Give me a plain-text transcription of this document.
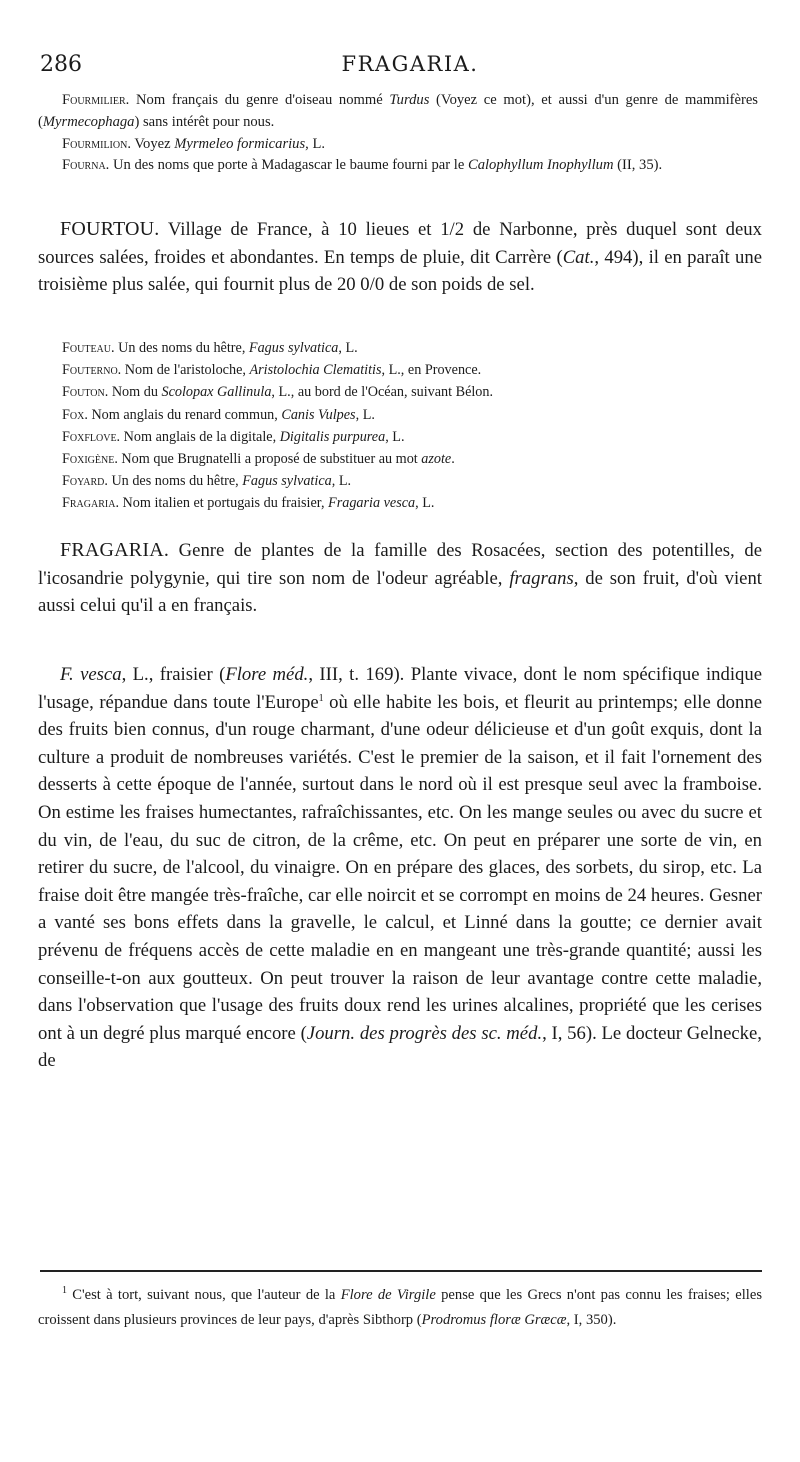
286	FRAGARIA.

Fourmilier. Nom français du genre d'oiseau nommé Turdus (Voyez ce mot), et aussi d'un genre de mammifères (Myrmecophaga) sans intérêt pour nous.

Fourmilion. Voyez Myrmeleo formicarius, L.

Fourna. Un des noms que porte à Madagascar le baume fourni par le Calophyllum Inophyllum (II, 35).

FOURTOU. Village de France, à 10 lieues et 1/2 de Narbonne, près duquel sont deux sources salées, froides et abondantes. En temps de pluie, dit Carrère (Cat., 494), il en paraît une troisième plus salée, qui fournit plus de 20 0/0 de son poids de sel.

Fouteau. Un des noms du hêtre, Fagus sylvatica, L.

Fouterno. Nom de l'aristoloche, Aristolochia Clematitis, L., en Provence.

Fouton. Nom du Scolopax Gallinula, L., au bord de l'Océan, suivant Bélon.

Fox. Nom anglais du renard commun, Canis Vulpes, L.

Foxflove. Nom anglais de la digitale, Digitalis purpurea, L.

Foxigène. Nom que Brugnatelli a proposé de substituer au mot azote.

Foyard. Un des noms du hêtre, Fagus sylvatica, L.

Fragaria. Nom italien et portugais du fraisier, Fragaria vesca, L.

FRAGARIA. Genre de plantes de la famille des Rosacées, section des potentilles, de l'icosandrie polygynie, qui tire son nom de l'odeur agréable, fragrans, de son fruit, d'où vient aussi celui qu'il a en français.

F. vesca, L., fraisier (Flore méd., III, t. 169). Plante vivace, dont le nom spécifique indique l'usage, répandue dans toute l'Europe$^1$ où elle habite les bois, et fleurit au printemps; elle donne des fruits bien connus, d'un rouge charmant, d'une odeur délicieuse et d'un goût exquis, dont la culture a produit de nombreuses variétés. C'est le premier de la saison, et il fait l'ornement des desserts à cette époque de l'année, surtout dans le nord où il est presque seul avec la framboise. On estime les fraises humectantes, rafraîchissantes, etc. On les mange seules ou avec du sucre et du vin, de l'eau, du suc de citron, de la crême, etc. On peut en préparer une sorte de vin, en retirer du sucre, de l'alcool, du vinaigre. On en prépare des glaces, des sorbets, du sirop, etc. La fraise doit être mangée très-fraîche, car elle noircit et se corrompt en moins de 24 heures. Gesner a vanté ses bons effets dans la gravelle, le calcul, et Linné dans la goutte; ce dernier avait prévenu de fréquens accès de cette maladie en en mangeant une très-grande quantité; aussi les conseille-t-on aux goutteux. On peut trouver la raison de leur avantage contre cette maladie, dans l'observation que l'usage des fruits doux rend les urines alcalines, propriété que les cerises ont à un degré plus marqué encore (Journ. des progrès des sc. méd., I, 56). Le docteur Gelnecke, de

$^1$ C'est à tort, suivant nous, que l'auteur de la Flore de Virgile pense que les Grecs n'ont pas connu les fraises; elles croissent dans plusieurs provinces de leur pays, d'après Sibthorp (Prodromus floræ Græcæ, I, 350).
